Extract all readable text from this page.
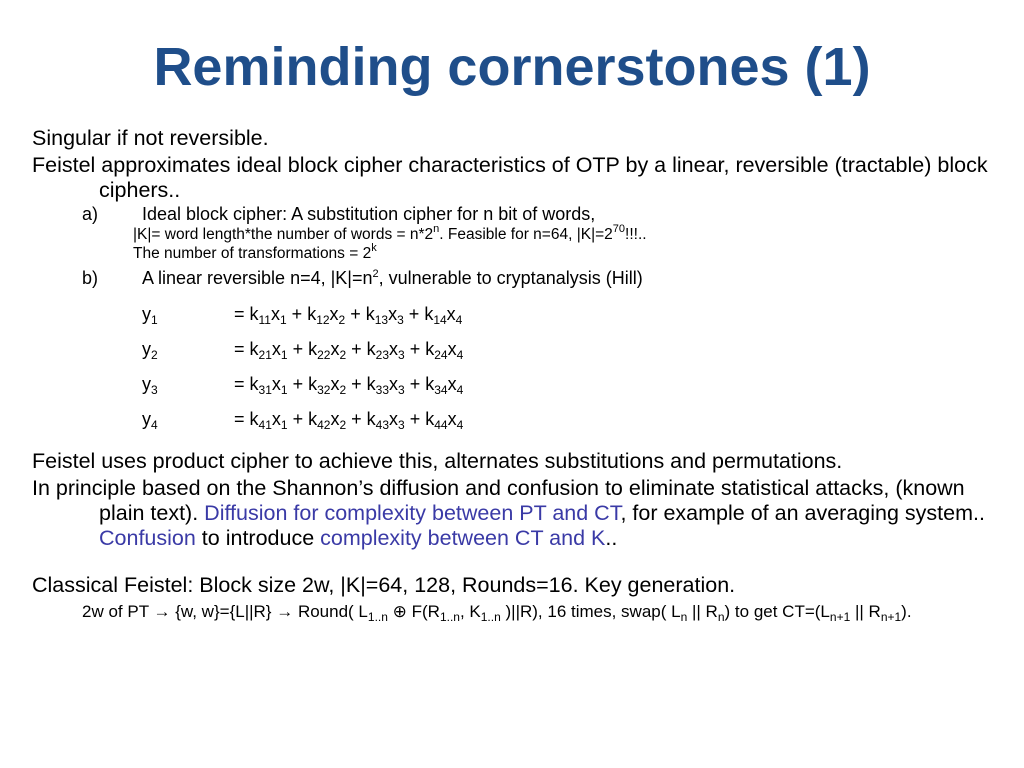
Reminding cornerstones (1)

Singular if not reversible.

Feistel approximates ideal block cipher characteristics of OTP by a linear, reversible (tractable) block ciphers..

a)	Ideal block cipher: A substitution cipher for n bit of words,

|K|= word length*the number of words = $n*2^n$. Feasible for n=64, $|K|=2^{70}$!!!..

The number of transformations = $2^k$

b)	A linear reversible n=4, $|K|=n^2$, vulnerable to cryptanalysis (Hill)
$y_1$	= $k_{11}x_1 + k_{12}x_2 + k_{13}x_3 + k_{14}x_4$
$y_2$	= $k_{21}x_1 + k_{22}x_2 + k_{23}x_3 + k_{24}x_4$
$y_3$	= $k_{31}x_1 + k_{32}x_2 + k_{33}x_3 + k_{34}x_4$
$y_4$	= $k_{41}x_1 + k_{42}x_2 + k_{43}x_3 + k_{44}x_4$

Feistel uses product cipher to achieve this, alternates substitutions and permutations.

In principle based on the Shannon’s diffusion and confusion to eliminate statistical attacks, (known plain text). Diffusion for complexity between PT and CT, for example of an averaging system.. Confusion to introduce complexity between CT and K..

Classical Feistel: Block size 2w, |K|=64, 128, Rounds=16. Key generation.

2w of PT → {w, w}={L||R} → Round( $L_{1..n}$ ⊕ $F(R_{1..n}$, $K_{1..n}$ )||R), 16 times, swap( $L_n$ || $R_n$) to get $CT=(L_{n+1}$ || $R_{n+1}$).
